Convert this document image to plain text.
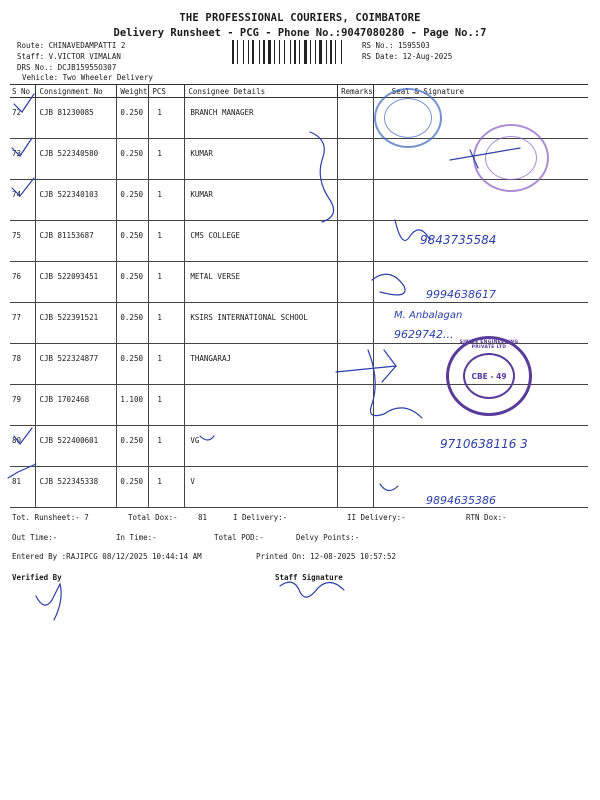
THE PROFESSIONAL COURIERS, COIMBATORE
Delivery Runsheet - PCG - Phone No.:9047080280 - Page No.:7
Route: CHINAVEDAMPATTI 2
Staff: V.VICTOR VIMALAN
DRS No.: DCJB15955O307
Vehicle: Two Wheeler Delivery
RS No.: 1595503
RS Date: 12-Aug-2025
S No	Consignment No	Weight	PCS	Consignee Details	Remarks	Seal & Signature
72	CJB 81230085	0.250	1	BRANCH MANAGER		
73	CJB 522340580	0.250	1	KUMAR		
74	CJB 522340103	0.250	1	KUMAR		
75	CJB 81153687	0.250	1	CMS COLLEGE		
76	CJB 522093451	0.250	1	METAL VERSE		
77	CJB 522391521	0.250	1	KSIRS INTERNATIONAL SCHOOL		
78	CJB 522324877	0.250	1	THANGARAJ		
79	CJB 1702468	1.100	1			
80	CJB 522400601	0.250	1	VG		
81	CJB 522345338	0.250	1	V		
CBE - 49
SIRIUS ENGINEERING PRIVATE LTD
9843735584
9994638617
M. Anbalagan
9629742...
9710638116 3
9894635386
Tot. Runsheet:- 7	Total Dox:-	81	I Delivery:-	II Delivery:-	RTN Dox:-
Out Time:-	In Time:-	Total POD:-	Delvy Points:-
Entered By :RAJIPCG 08/12/2025 10:44:14 AM	Printed On: 12-08-2025 10:57:52
Verified By	Staff Signature
